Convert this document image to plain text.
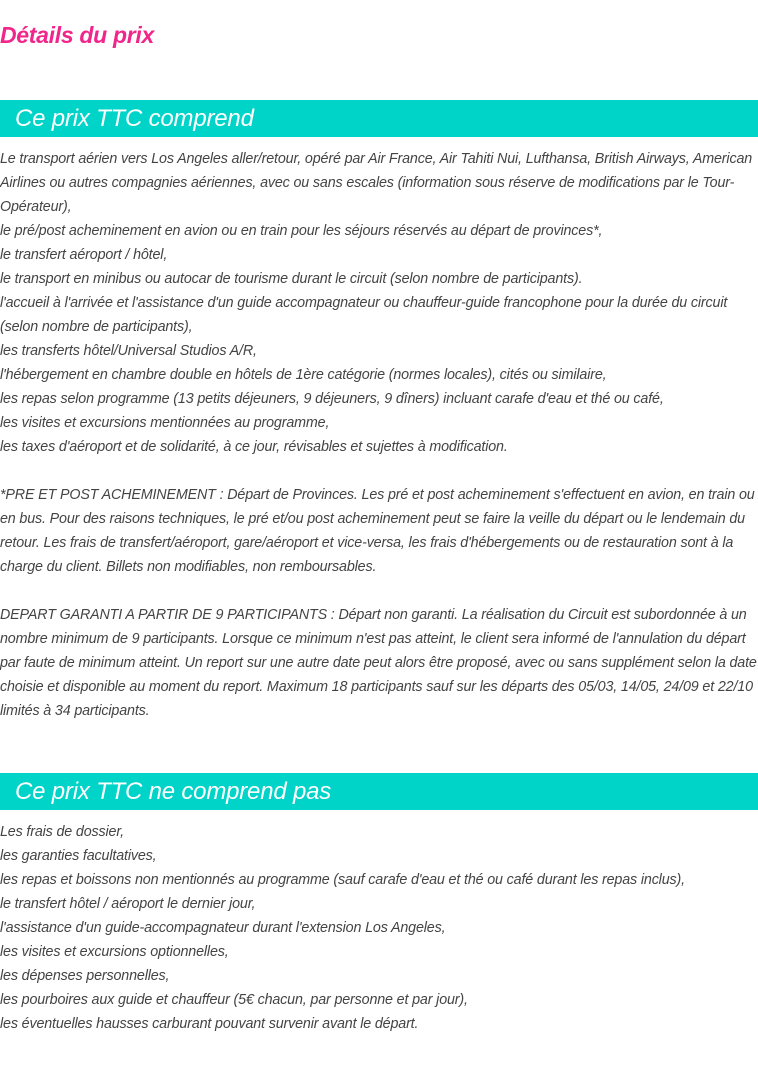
Détails du prix
Ce prix TTC comprend
Le transport aérien vers Los Angeles aller/retour, opéré par Air France, Air Tahiti Nui, Lufthansa, British Airways, American Airlines ou autres compagnies aériennes, avec ou sans escales (information sous réserve de modifications par le Tour-Opérateur),
le pré/post acheminement en avion ou en train pour les séjours réservés au départ de provinces*,
le transfert aéroport / hôtel,
le transport en minibus ou autocar de tourisme durant le circuit (selon nombre de participants).
l'accueil à l'arrivée et l'assistance d'un guide accompagnateur ou chauffeur-guide francophone pour la durée du circuit (selon nombre de participants),
les transferts hôtel/Universal Studios A/R,
l'hébergement en chambre double en hôtels de 1ère catégorie (normes locales), cités ou similaire,
les repas selon programme (13 petits déjeuners, 9 déjeuners, 9 dîners) incluant carafe d'eau et thé ou café,
les visites et excursions mentionnées au programme,
les taxes d'aéroport et de solidarité, à ce jour, révisables et sujettes à modification.
*PRE ET POST ACHEMINEMENT : Départ de Provinces. Les pré et post acheminement s'effectuent en avion, en train ou en bus. Pour des raisons techniques, le pré et/ou post acheminement peut se faire la veille du départ ou le lendemain du retour. Les frais de transfert/aéroport, gare/aéroport et vice-versa, les frais d'hébergements ou de restauration sont à la charge du client. Billets non modifiables, non remboursables.
DEPART GARANTI A PARTIR DE 9 PARTICIPANTS : Départ non garanti. La réalisation du Circuit est subordonnée à un nombre minimum de 9 participants. Lorsque ce minimum n'est pas atteint, le client sera informé de l'annulation du départ par faute de minimum atteint. Un report sur une autre date peut alors être proposé, avec ou sans supplément selon la date choisie et disponible au moment du report. Maximum 18 participants sauf sur les départs des 05/03, 14/05, 24/09 et 22/10 limités à 34 participants.
Ce prix TTC ne comprend pas
Les frais de dossier,
les garanties facultatives,
les repas et boissons non mentionnés au programme (sauf carafe d'eau et thé ou café durant les repas inclus),
le transfert hôtel / aéroport le dernier jour,
l'assistance d'un guide-accompagnateur durant l'extension Los Angeles,
les visites et excursions optionnelles,
les dépenses personnelles,
les pourboires aux guide et chauffeur (5€ chacun, par personne et par jour),
les éventuelles hausses carburant pouvant survenir avant le départ.
